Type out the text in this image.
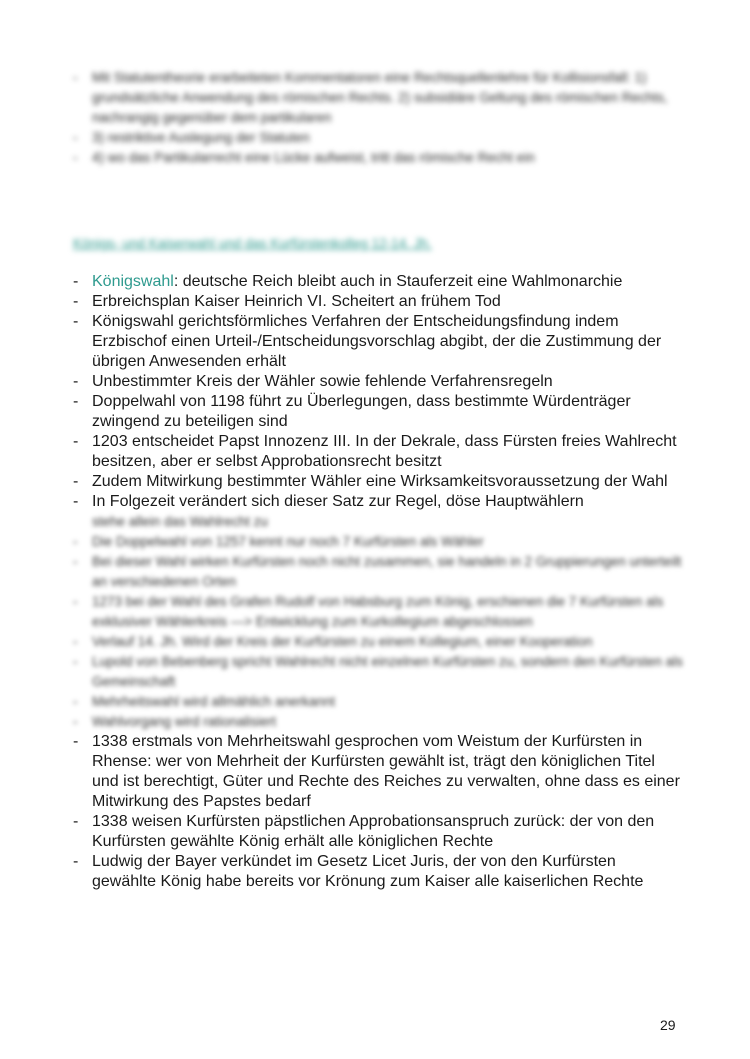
- Mit Statutentheorie erarbeiteten Kommentatoren eine Rechtsquellenlehre für Kollisionsfall: 1) grundsätzliche Anwendung des römischen Rechts. 2) subsidiäre Geltung des römischen Rechts, nachrangig gegenüber dem partikularen
- 3) restriktive Auslegung der Statuten
- 4) wo das Partikularrecht eine Lücke aufweist, tritt das römische Recht ein
Königs- und Kaiserwahl und das Kurfürstenkolleg 12-14. Jh.
- Königswahl: deutsche Reich bleibt auch in Stauferzeit eine Wahlmonarchie
- Erbreichsplan Kaiser Heinrich VI. Scheitert an frühem Tod
- Königswahl gerichtsförmliches Verfahren der Entscheidungsfindung indem Erzbischof einen Urteil-/Entscheidungsvorschlag abgibt, der die Zustimmung der übrigen Anwesenden erhält
- Unbestimmter Kreis der Wähler sowie fehlende Verfahrensregeln
- Doppelwahl von 1198 führt zu Überlegungen, dass bestimmte Würdenträger zwingend zu beteiligen sind
- 1203 entscheidet Papst Innozenz III. In der Dekrale, dass Fürsten freies Wahlrecht besitzen, aber er selbst Approbationsrecht besitzt
- Zudem Mitwirkung bestimmter Wähler eine Wirksamkeitsvoraussetzung der Wahl
- In Folgezeit verändert sich dieser Satz zur Regel, döse Hauptwählern
stehe allein das Wahlrecht zu
- Die Doppelwahl von 1257 kennt nur noch 7 Kurfürsten als Wähler
- Bei dieser Wahl wirken Kurfürsten noch nicht zusammen, sie handeln in 2 Gruppierungen unterteilt an verschiedenen Orten
- 1273 bei der Wahl des Grafen Rudolf von Habsburg zum König, erschienen die 7 Kurfürsten als exklusiver Wählerkreis —> Entwicklung zum Kurkollegium abgeschlossen
- Verlauf 14. Jh. Wird der Kreis der Kurfürsten zu einem Kollegium, einer Kooperation
- Lupold von Bebenberg spricht Wahlrecht nicht einzelnen Kurfürsten zu, sondern den Kurfürsten als Gemeinschaft
- Mehrheitswahl wird allmählich anerkannt
- Wahlvorgang wird rationalisiert
- 1338 erstmals von Mehrheitswahl gesprochen vom Weistum der Kurfürsten in Rhense: wer von Mehrheit der Kurfürsten gewählt ist, trägt den königlichen Titel und ist berechtigt, Güter und Rechte des Reiches zu verwalten, ohne dass es einer Mitwirkung des Papstes bedarf
- 1338 weisen Kurfürsten päpstlichen Approbationsanspruch zurück: der von den Kurfürsten gewählte König erhält alle königlichen Rechte
- Ludwig der Bayer verkündet im Gesetz Licet Juris, der von den Kurfürsten gewählte König habe bereits vor Krönung zum Kaiser alle kaiserlichen Rechte
29
